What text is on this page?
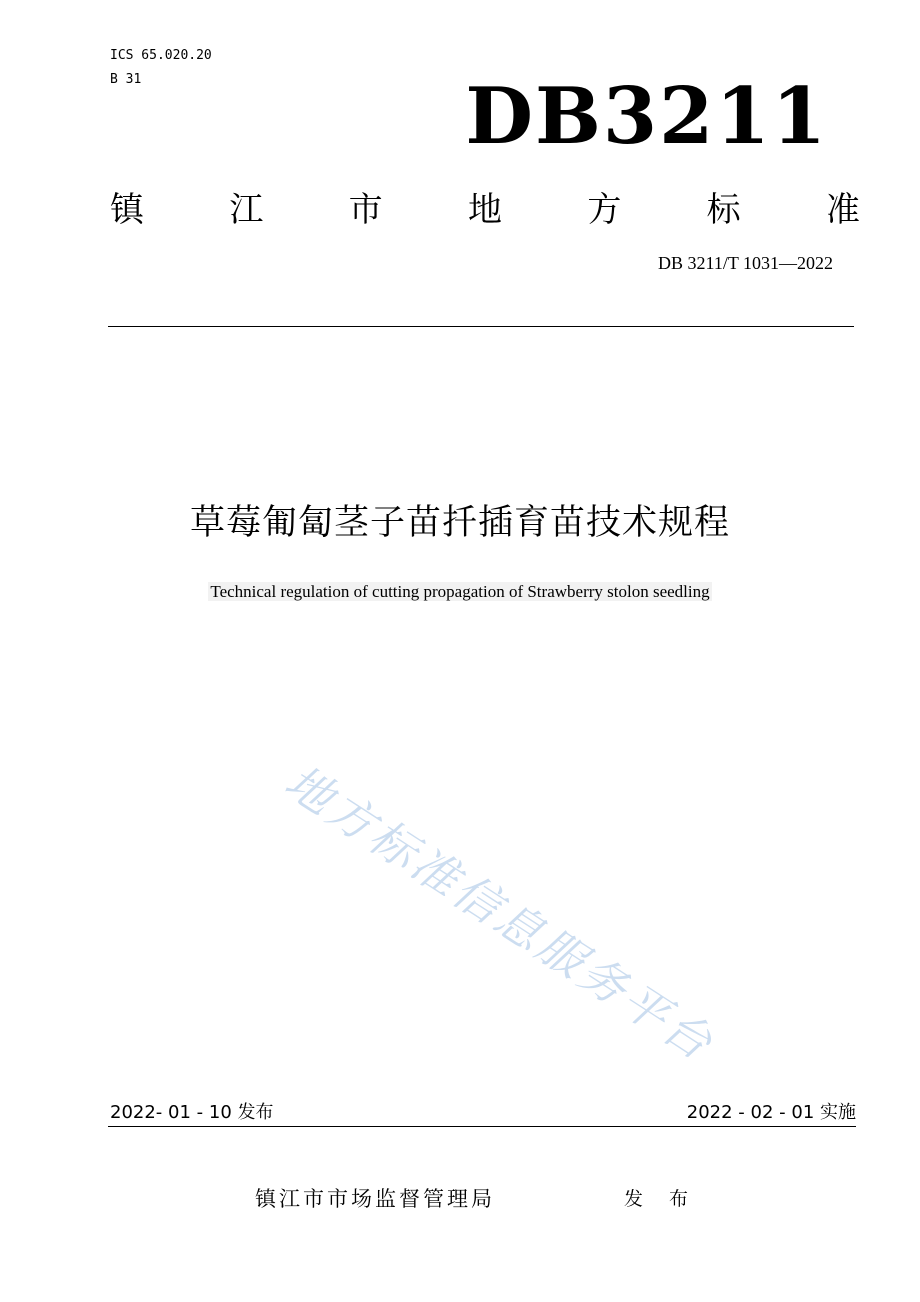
ICS 65.020.20
B 31	DB3211
镇	江	市	地	方	标	准
DB 3211/T 1031—2022
草莓匍匐茎子苗扦插育苗技术规程
Technical regulation of cutting propagation of Strawberry stolon seedling
地方标准信息服务平台
2022- 01 - 10 发布	2022 - 02 - 01 实施
镇江市市场监督管理局	发 布
